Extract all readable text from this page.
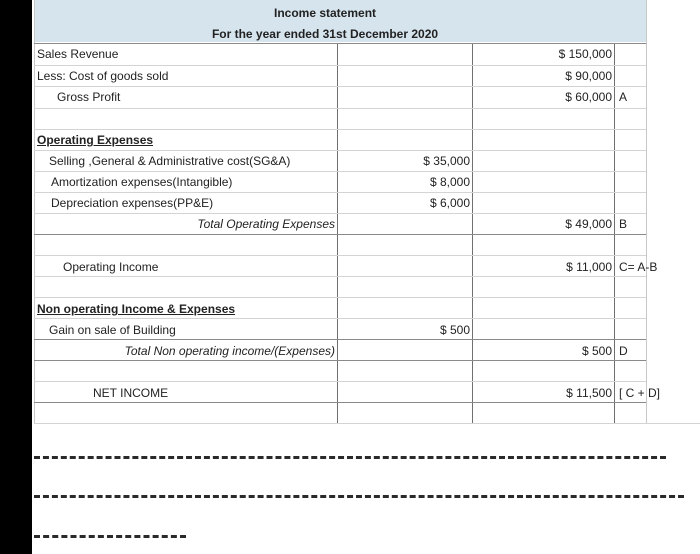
Income statement
For the year ended 31st December 2020
Sales Revenue	$ 150,000
Less: Cost of goods sold	$ 90,000
Gross Profit	$ 60,000 A
Operating Expenses
Selling ,General & Administrative cost(SG&A)	$ 35,000
Amortization expenses(Intangible)	$ 8,000
Depreciation expenses(PP&E)	$ 6,000
Total Operating Expenses	$ 49,000 B
Operating Income	$ 11,000 C= A-B
Non operating Income & Expenses
Gain on sale of Building	$ 500
Total Non operating income/(Expenses)	$ 500 D
NET INCOME	$ 11,500 [ C + D]
